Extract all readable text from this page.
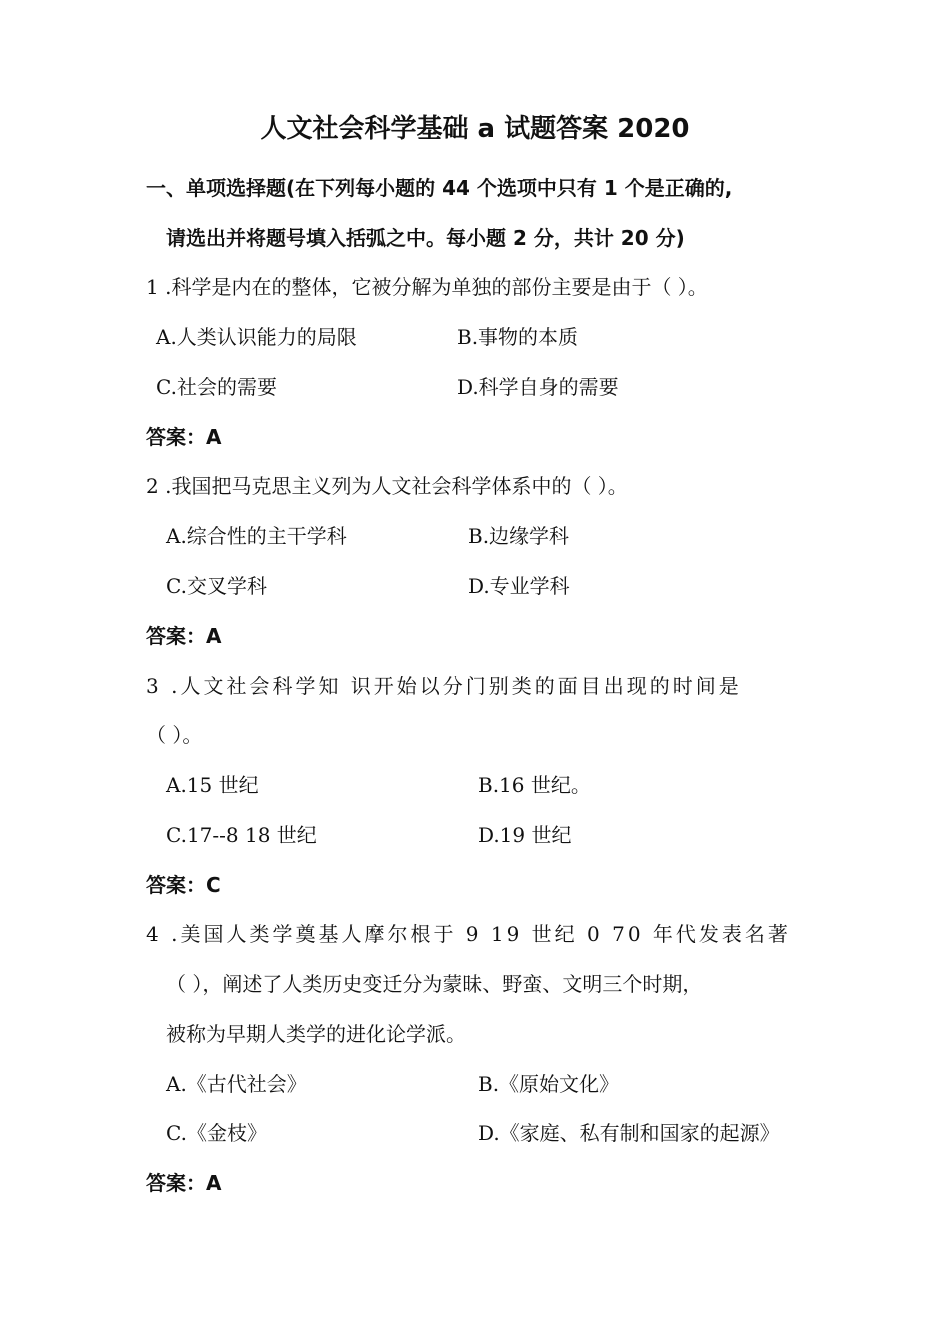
人文社会科学基础 a 试题答案 2020
一、单项选择题(在下列每小题的 44 个选项中只有 1 个是正确的,
请选出并将题号填入括弧之中。每小题 2 分，共计 20 分)
1 .科学是内在的整体，它被分解为单独的部份主要是由于（ ）。
A.人类认识能力的局限	B.事物的本质
C.社会的需要	D.科学自身的需要
答案：A
2 .我国把马克思主义列为人文社会科学体系中的（ ）。
A.综合性的主干学科	B.边缘学科
C.交叉学科	D.专业学科
答案：A
3 .人文社会科学知 识开始以分门别类的面目出现的时间是
（ ）。
A.15 世纪	B.16 世纪。
C.17--8 18 世纪	D.19 世纪
答案：C
4 .美国人类学奠基人摩尔根于 9 19 世纪 0 70 年代发表名著
（ ），阐述了人类历史变迁分为蒙昧、野蛮、文明三个时期，
被称为早期人类学的进化论学派。
A.《古代社会》	B.《原始文化》
C.《金枝》	D.《家庭、私有制和国家的起源》
答案：A
